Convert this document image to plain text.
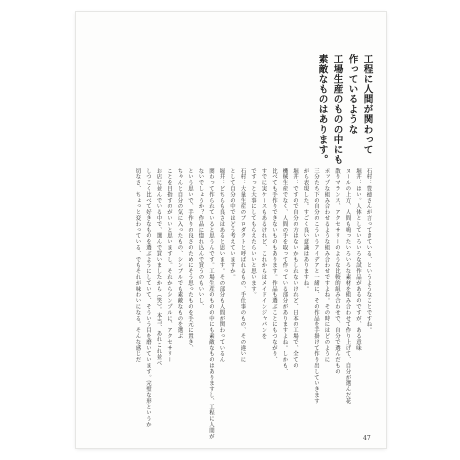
工程に人間が関わって
作っているような
工場生産のものの中にも
素敵なものはあります。
石村：豊徳さんが言ってきている、というようなことですね。
堀井：はい。人体としていろいろな試作品があるのですが、ある意味
ヌールの上方、人間も鳴ったいろいろな素材を組み合わせて作り上げて、自分が選んだ花
散りマランス、アクセサリーのような比較的組み合わせで、自分で選んだもの
ポップな組み合わせるような組み合わせですよね。その時にはどのように
三分たち下の自分のこういうアイデアと一緒に、その作品を手掛けて作り出していきます
がら表現した。すごく良い意識はありますね。
堀井：ですので自分の方はないかもしれないけれど、日本の工場で、全ての
機械生産でなく、人間の手を取って作っている部分がありますよね。しかも、
比べても手作りできないものもあります。作品も選ぶことにもつながり、
すでに実ケースもあるけれど、これからはメイドインジャパンを
ですっと大事にしてもらえたらいいと思います。
石村：大量生産のプロダクトと呼ばれるもの、手仕事のもの、その違いに
として自分の中ではどう考えていますか。
堀井：どちらも良さはあると思います。その部分も人間が関わっているん
関わって作られていると思うんです。工場生産のものの中にも素敵なものはありますし、工程に人間が
ないでしょうか？作品に惚れ込んで買うのもいいし、
という思いで、手作りの良さのためにそう思ったものを手元に置き、
ちゃんと自分の気に入ったもの、シンプルでも素敵なものを選ぶ
ことを目指すのがいいと思いますし。それからシンプルに、アクセサリー
お店に並んでいる中で、選んで買いましたから（笑）。本当、あれこれ並べ
しつこく比べて好きなものを選ぶようにしていて、そういう目を磨いています。完璧な形というか
切なさ、ちょっと変わっている、でもそれが味わいになる。そんな感じだ
47
